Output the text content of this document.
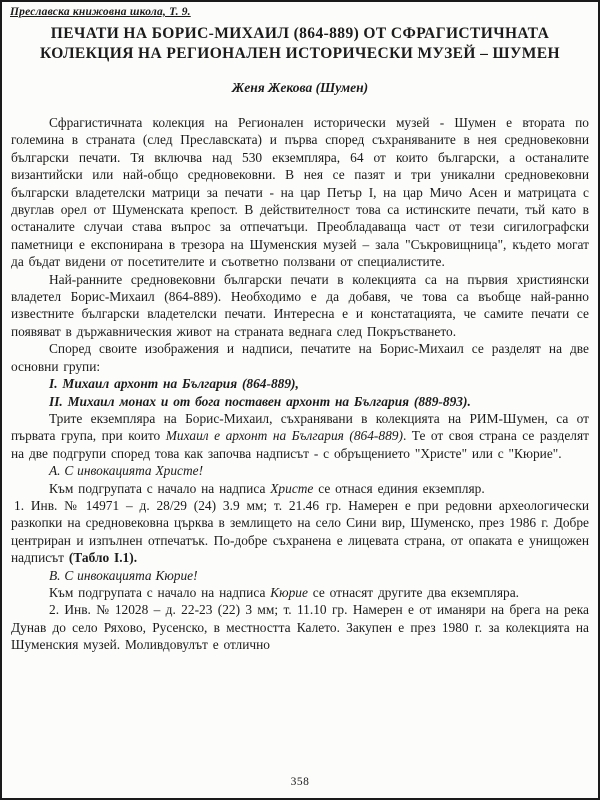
Преславска книжовна школа, Т. 9.
ПЕЧАТИ НА БОРИС-МИХАИЛ (864-889) ОТ СФРАГИСТИЧНАТА КОЛЕКЦИЯ НА РЕГИОНАЛЕН ИСТОРИЧЕСКИ МУЗЕЙ – ШУМЕН
Женя Жекова (Шумен)

Сфрагистичната колекция на Регионален исторически музей - Шумен е втората по големина в страната (след Преславската) и първа според съхраняваните в нея средновековни български печати. Тя включва над 530 екземпляра, 64 от които български, а останалите византийски или най-общо средновековни. В нея се пазят и три уникални средновековни български владетелски матрици за печати - на цар Петър I, на цар Мичо Асен и матрицата с двуглав орел от Шуменската крепост. В действителност това са истинските печати, тъй като в останалите случаи става въпрос за отпечатъци. Преобладаваща част от тези сигилографски паметници е експонирана в трезора на Шуменския музей – зала "Съкровищница", където могат да бъдат видени от посетителите и съответно ползвани от специалистите.

Най-ранните средновековни български печати в колекцията са на първия християнски владетел Борис-Михаил (864-889). Необходимо е да добавя, че това са въобще най-ранно известните български владетелски печати. Интересна е и констатацията, че самите печати се появяват в държавническия живот на страната веднага след Покръстването.

Според своите изображения и надписи, печатите на Борис-Михаил се разделят на две основни групи:

I. Михаил архонт на България (864-889),

II. Михаил монах и от бога поставен архонт на България (889-893).

Трите екземпляра на Борис-Михаил, съхранявани в колекцията на РИМ-Шумен, са от първата група, при които Михаил е архонт на България (864-889). Те от своя страна се разделят на две подгрупи според това как започва надписът - с обръщението "Христе" или с "Кюрие".

А. С инвокацията Христе!

Към подгрупата с начало на надписа Христе се отнася единия екземпляр.

1. Инв. № 14971 – д. 28/29 (24) 3.9 мм; т. 21.46 гр. Намерен е при редовни археологически разкопки на средновековна църква в землището на село Сини вир, Шуменско, през 1986 г. Добре центриран и изпълнен отпечатък. По-добре съхранена е лицевата страна, от опаката е унищожен надписът (Табло I.1).

В. С инвокацията Кюрие!

Към подгрупата с начало на надписа Кюрие се отнасят другите два екземпляра.

2. Инв. № 12028 – д. 22-23 (22) 3 мм; т. 11.10 гр. Намерен е от иманяри на брега на река Дунав до село Ряхово, Русенско, в местността Калето. Закупен е през 1980 г. за колекцията на Шуменския музей. Моливдовулът е отлично

358
